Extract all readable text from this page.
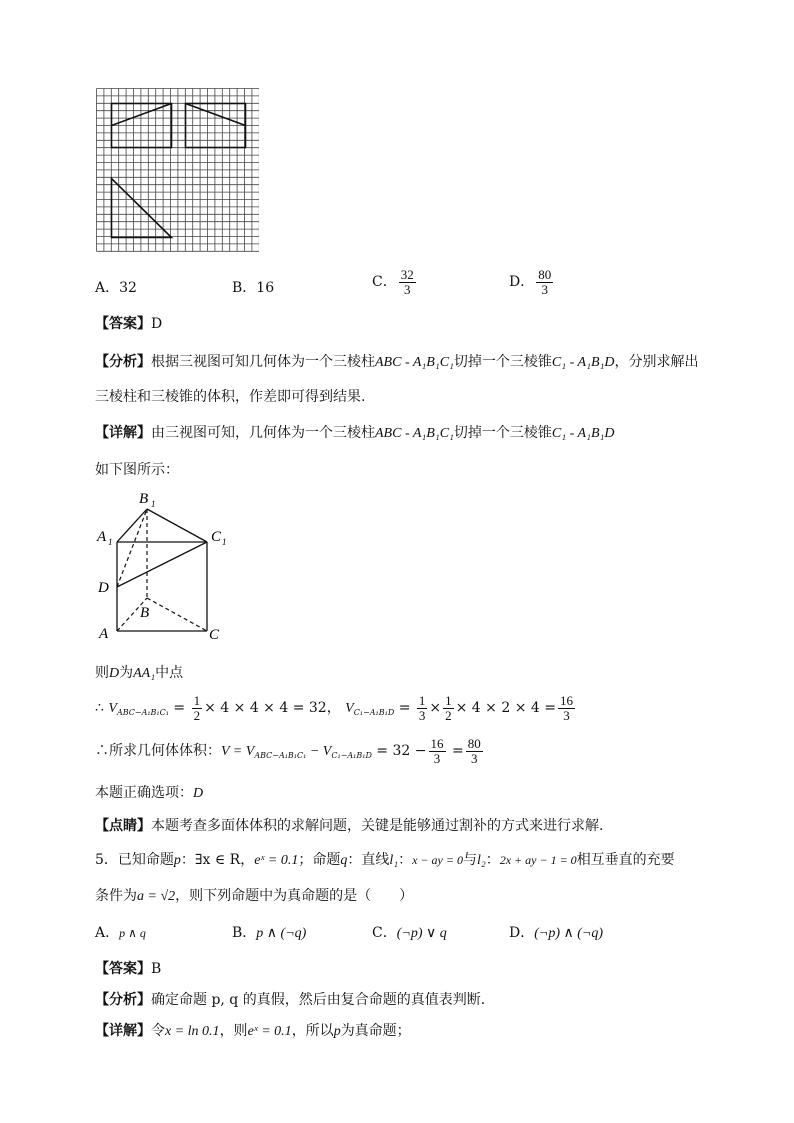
A．32	B．16	C． $\frac{32}{3}$	D． $\frac{80}{3}$
【答案】D
【分析】根据三视图可知几何体为一个三棱柱ABC - A₁B₁C₁切掉一个三棱锥C₁ - A₁B₁D，分别求解出
三棱柱和三棱锥的体积，作差即可得到结果.
【详解】由三视图可知，几何体为一个三棱柱ABC - A₁B₁C₁切掉一个三棱锥C₁ - A₁B₁D
如下图所示：
B 1
A 1	C 1
D
B
A	C
则D为AA₁中点
∴ $V_{ABC-A_1B_1C_1} = \frac{1}{2} \times 4 \times 4 \times 4 = 32$， $V_{C_1-A_1B_1D} = \frac{1}{3} \times \frac{1}{2} \times 4 \times 2 \times 4 = \frac{16}{3}$
∴所求几何体体积：$V = V_{ABC-A_1B_1C_1} - V_{C_1-A_1B_1D} = 32 - \frac{16}{3} = \frac{80}{3}$
本题正确选项：D
【点睛】本题考查多面体体积的求解问题，关键是能够通过割补的方式来进行求解.
5．已知命题p：∃x ∈ R，eˣ = 0.1；命题q：直线l₁：x − ay = 0与l₂：2x + ay − 1 = 0相互垂直的充要
条件为a = √2，则下列命题中为真命题的是（　　）
A．p ∧ q	B．p ∧ (¬q)	C．(¬p) ∨ q	D．(¬p) ∧ (¬q)
【答案】B
【分析】确定命题 p, q 的真假，然后由复合命题的真值表判断．
【详解】令x = ln 0.1，则eˣ = 0.1，所以p为真命题；
